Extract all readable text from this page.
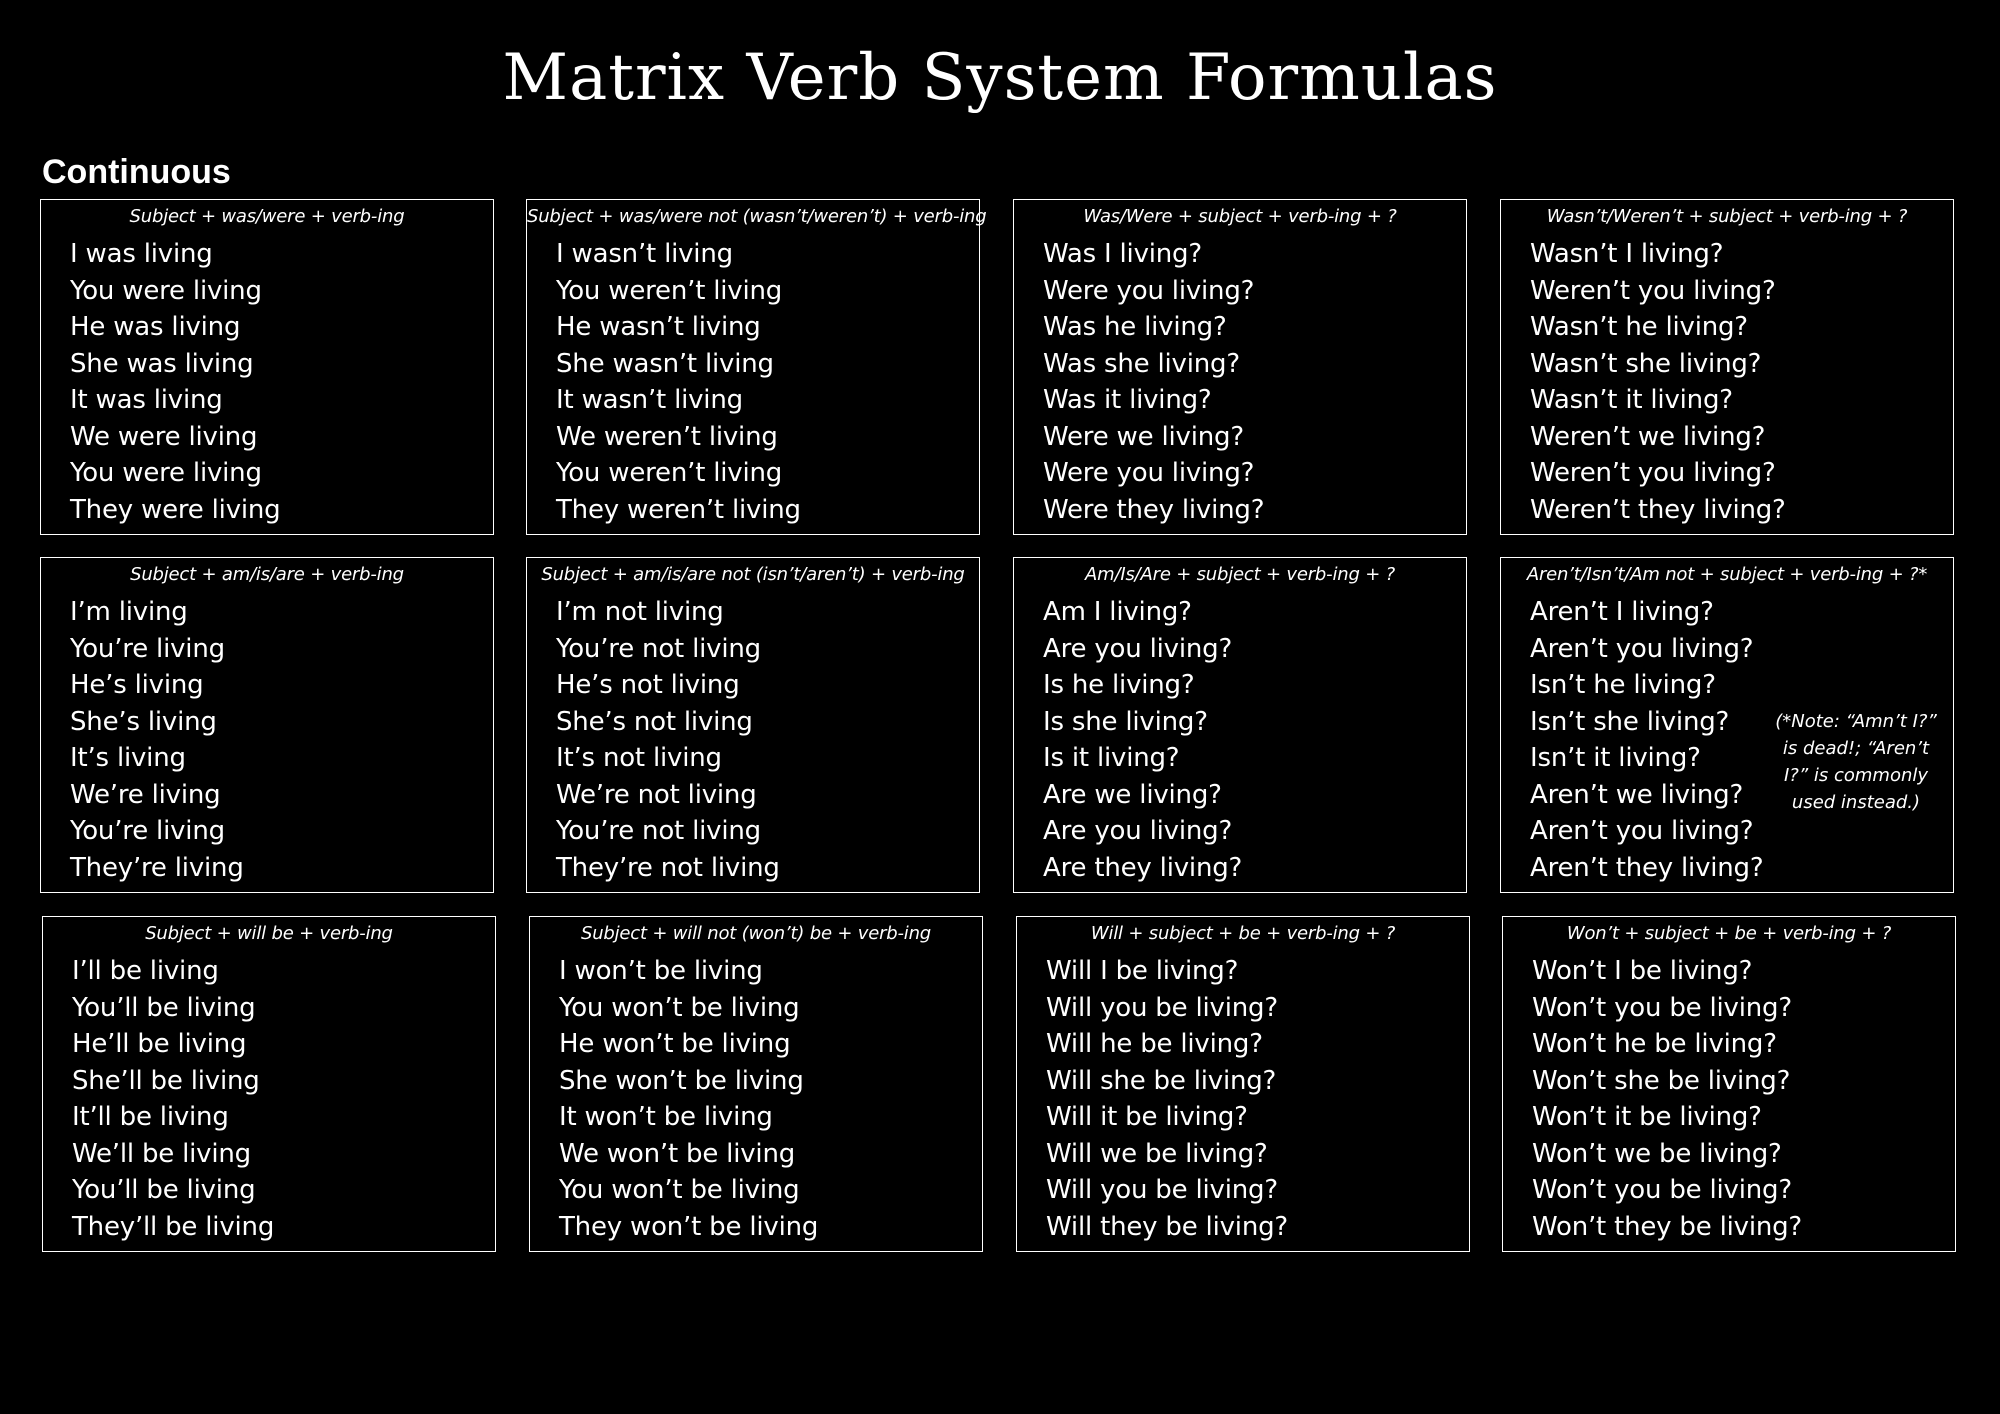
Matrix Verb System Formulas
Continuous
Subject + was/were + verb-ing
I was living
You were living
He was living
She was living
It was living
We were living
You were living
They were living
Subject + was/were not (wasn’t/weren’t) + verb-ing
I wasn’t living
You weren’t living
He wasn’t living
She wasn’t living
It wasn’t living
We weren’t living
You weren’t living
They weren’t living
Was/Were + subject + verb-ing + ?
Was I living?
Were you living?
Was he living?
Was she living?
Was it living?
Were we living?
Were you living?
Were they living?
Wasn’t/Weren’t + subject + verb-ing + ?
Wasn’t I living?
Weren’t you living?
Wasn’t he living?
Wasn’t she living?
Wasn’t it living?
Weren’t we living?
Weren’t you living?
Weren’t they living?
Subject + am/is/are + verb-ing
I’m living
You’re living
He’s living
She’s living
It’s living
We’re living
You’re living
They’re living
Subject + am/is/are not (isn’t/aren’t) + verb-ing
I’m not living
You’re not living
He’s not living
She’s not living
It’s not living
We’re not living
You’re not living
They’re not living
Am/Is/Are + subject + verb-ing + ?
Am I living?
Are you living?
Is he living?
Is she living?
Is it living?
Are we living?
Are you living?
Are they living?
Aren’t/Isn’t/Am not + subject + verb-ing + ?*
Aren’t I living?
Aren’t you living?
Isn’t he living?
Isn’t she living?
Isn’t it living?
Aren’t we living?
Aren’t you living?
Aren’t they living?
(*Note: “Amn’t I?” is dead!; “Aren’t I?” is commonly used instead.)
Subject + will be + verb-ing
I’ll be living
You’ll be living
He’ll be living
She’ll be living
It’ll be living
We’ll be living
You’ll be living
They’ll be living
Subject + will not (won’t) be + verb-ing
I won’t be living
You won’t be living
He won’t be living
She won’t be living
It won’t be living
We won’t be living
You won’t be living
They won’t be living
Will + subject + be + verb-ing + ?
Will I be living?
Will you be living?
Will he be living?
Will she be living?
Will it be living?
Will we be living?
Will you be living?
Will they be living?
Won’t + subject + be + verb-ing + ?
Won’t I be living?
Won’t you be living?
Won’t he be living?
Won’t she be living?
Won’t it be living?
Won’t we be living?
Won’t you be living?
Won’t they be living?
